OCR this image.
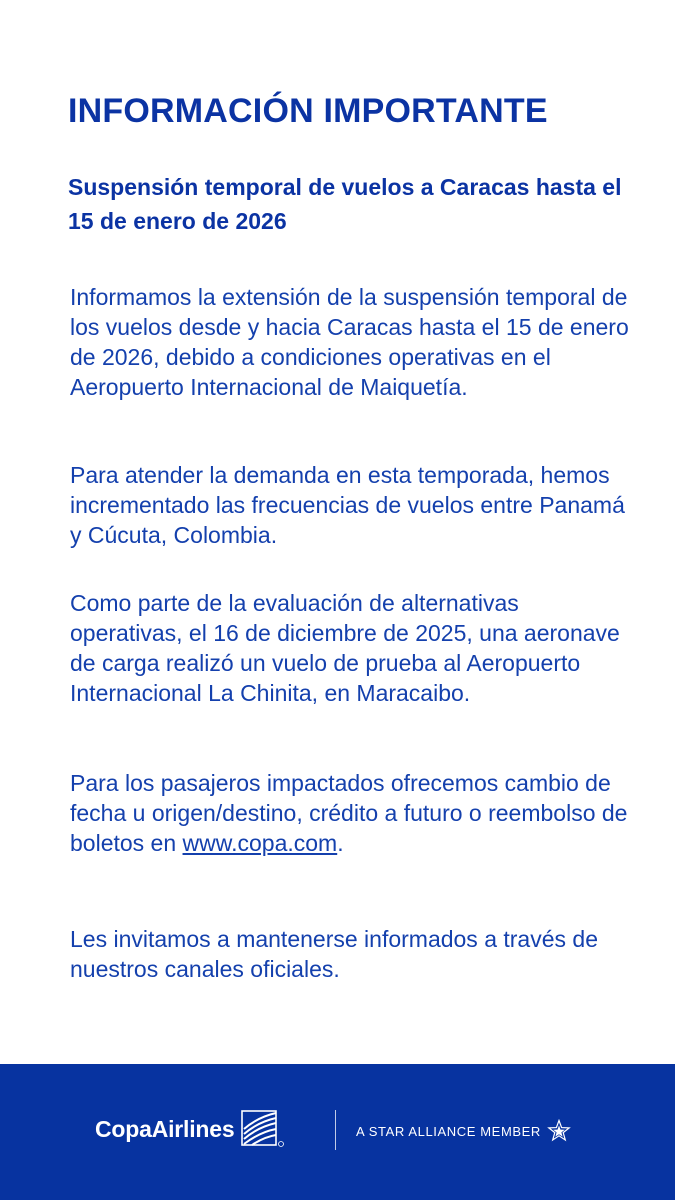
INFORMACIÓN IMPORTANTE
Suspensión temporal de vuelos a Caracas hasta el 15 de enero de 2026

Informamos la extensión de la suspensión temporal de los vuelos desde y hacia Caracas hasta el 15 de enero de 2026, debido a condiciones operativas en el Aeropuerto Internacional de Maiquetía.

Para atender la demanda en esta temporada, hemos incrementado las frecuencias de vuelos entre Panamá y Cúcuta, Colombia.

Como parte de la evaluación de alternativas operativas, el 16 de diciembre de 2025, una aeronave de carga realizó un vuelo de prueba al Aeropuerto Internacional La Chinita, en Maracaibo.

Para los pasajeros impactados ofrecemos cambio de fecha u origen/destino, crédito a futuro o reembolso de boletos en www.copa.com.

Les invitamos a mantenerse informados a través de nuestros canales oficiales.

CopaAirlines	A STAR ALLIANCE MEMBER
